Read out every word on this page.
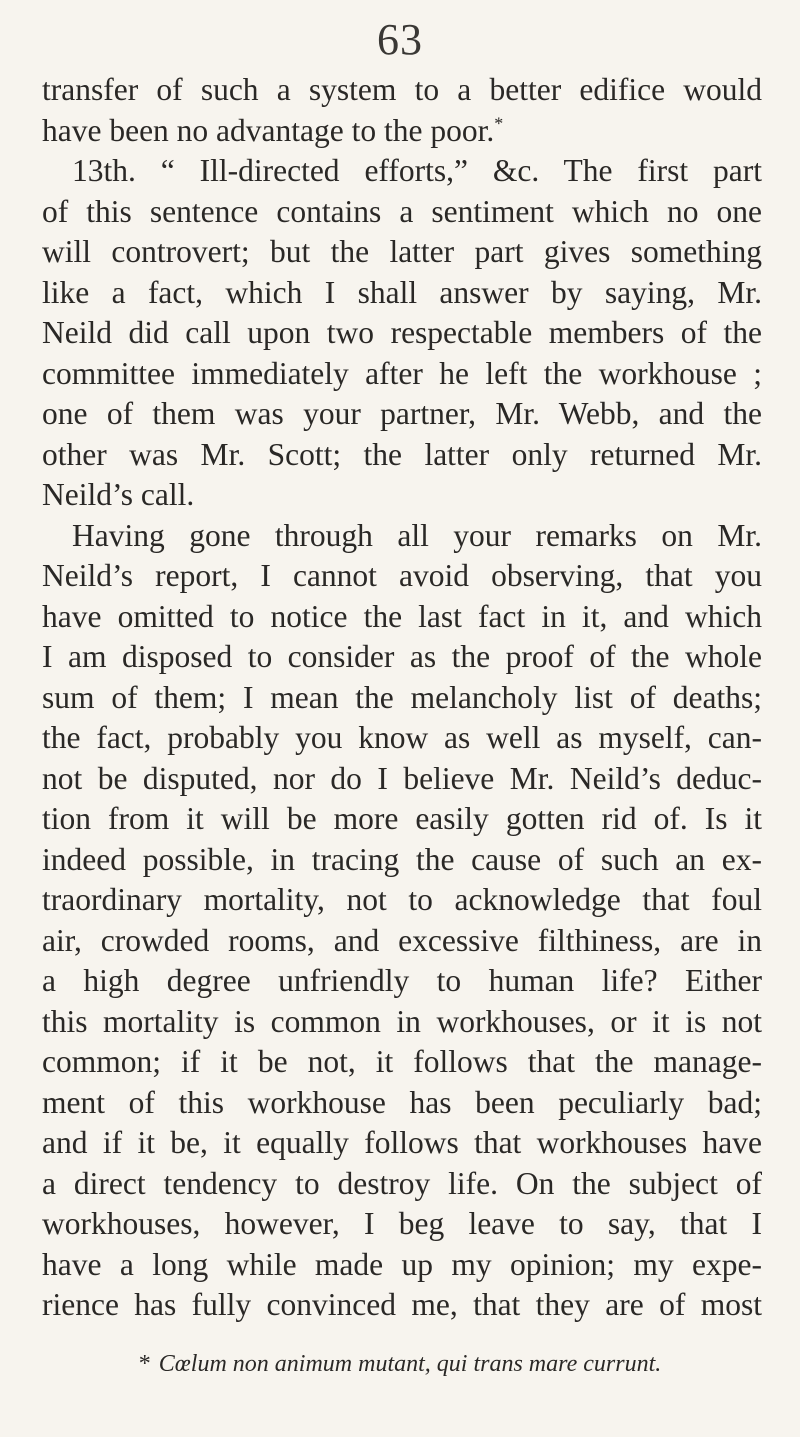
63
transfer of such a system to a better edifice would
have been no advantage to the poor.*
13th. “ Ill-directed efforts,” &c. The first part
of this sentence contains a sentiment which no one
will controvert; but the latter part gives something
like a fact, which I shall answer by saying, Mr.
Neild did call upon two respectable members of the
committee immediately after he left the workhouse ;
one of them was your partner, Mr. Webb, and the
other was Mr. Scott; the latter only returned Mr.
Neild’s call.
Having gone through all your remarks on Mr.
Neild’s report, I cannot avoid observing, that you
have omitted to notice the last fact in it, and which
I am disposed to consider as the proof of the whole
sum of them; I mean the melancholy list of deaths;
the fact, probably you know as well as myself, can-
not be disputed, nor do I believe Mr. Neild’s deduc-
tion from it will be more easily gotten rid of. Is it
indeed possible, in tracing the cause of such an ex-
traordinary mortality, not to acknowledge that foul
air, crowded rooms, and excessive filthiness, are in
a high degree unfriendly to human life? Either
this mortality is common in workhouses, or it is not
common; if it be not, it follows that the manage-
ment of this workhouse has been peculiarly bad;
and if it be, it equally follows that workhouses have
a direct tendency to destroy life. On the subject of
workhouses, however, I beg leave to say, that I
have a long while made up my opinion; my expe-
rience has fully convinced me, that they are of most
* Cœlum non animum mutant, qui trans mare currunt.
